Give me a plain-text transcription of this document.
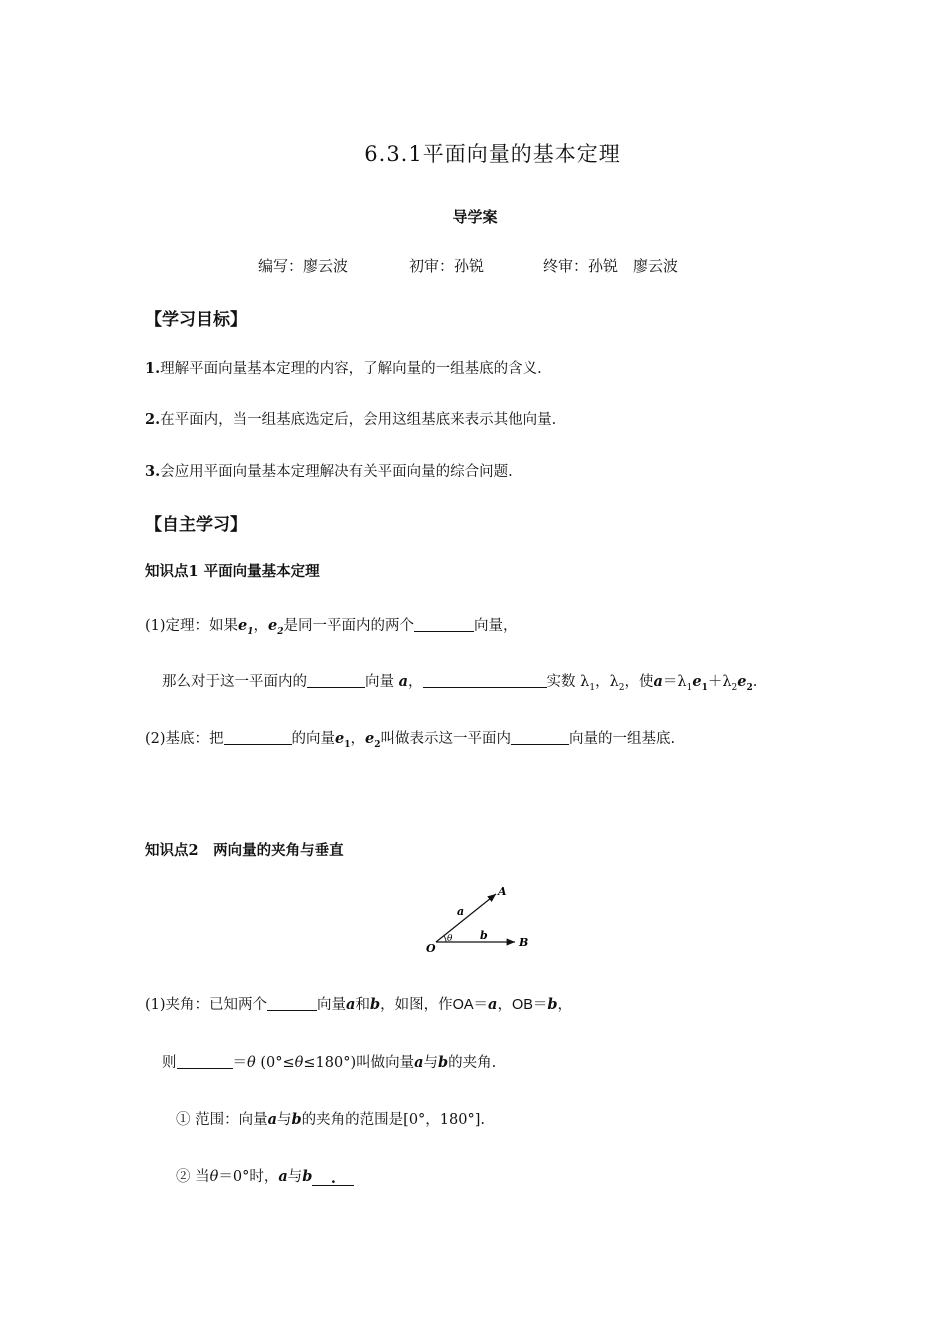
6.3.1平面向量的基本定理
导学案
编写：廖云波	初审：孙锐	终审：孙锐　廖云波
【学习目标】
1.理解平面向量基本定理的内容，了解向量的一组基底的含义.
2.在平面内，当一组基底选定后，会用这组基底来表示其他向量.
3.会应用平面向量基本定理解决有关平面向量的综合问题.
【自主学习】
知识点1 平面向量基本定理
(1)定理：如果$e_1$，$e_2$是同一平面内的两个	向量，
那么对于这一平面内的	向量 a，	实数 $\lambda_1$，$\lambda_2$，使$a=\lambda_1e_1+\lambda_2e_2$.
(2)基底：把	的向量$e_1$，$e_2$叫做表示这一平面内	向量的一组基底.
知识点2　两向量的夹角与垂直
A
a
O
θ	b
B
(1)夹角：已知两个	向量a和b，如图，作OA＝a，OB＝b，
则	＝θ (0°≤θ≤180°)叫做向量a与b的夹角.
① 范围：向量a与b的夹角的范围是[0°，180°].
② 当θ＝0°时，a与b .
